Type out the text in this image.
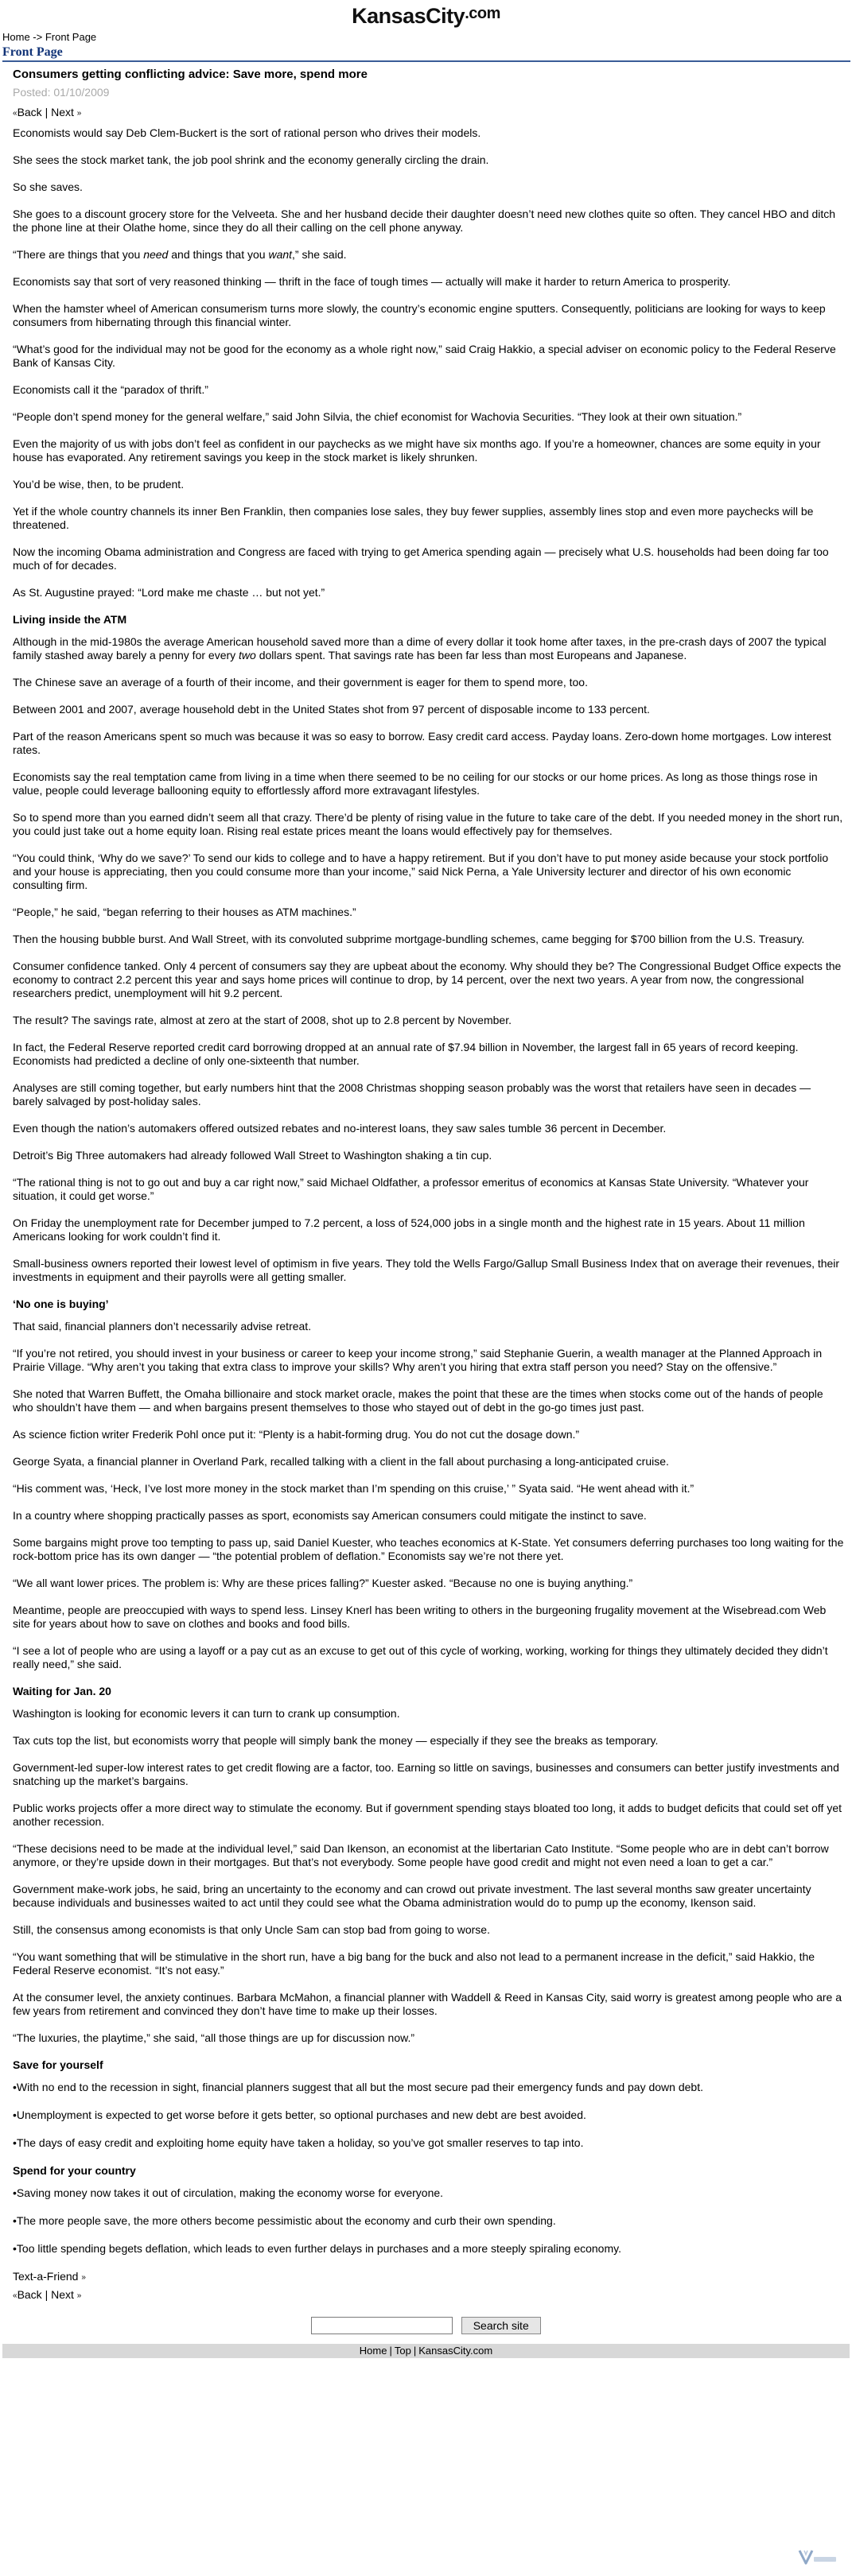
KansasCity$^{.com}$
Home -> Front Page
Front Page
Consumers getting conflicting advice: Save more, spend more
Posted: 01/10/2009
«Back | Next »

Economists would say Deb Clem-Buckert is the sort of rational person who drives their models.

She sees the stock market tank, the job pool shrink and the economy generally circling the drain.

So she saves.

She goes to a discount grocery store for the Velveeta. She and her husband decide their daughter doesn’t need new clothes quite so often. They cancel HBO and ditch the phone line at their Olathe home, since they do all their calling on the cell phone anyway.

“There are things that you need and things that you want,” she said.

Economists say that sort of very reasoned thinking — thrift in the face of tough times — actually will make it harder to return America to prosperity.

When the hamster wheel of American consumerism turns more slowly, the country’s economic engine sputters. Consequently, politicians are looking for ways to keep consumers from hibernating through this financial winter.

“What’s good for the individual may not be good for the economy as a whole right now,” said Craig Hakkio, a special adviser on economic policy to the Federal Reserve Bank of Kansas City.

Economists call it the “paradox of thrift.”

“People don’t spend money for the general welfare,” said John Silvia, the chief economist for Wachovia Securities. “They look at their own situation.”

Even the majority of us with jobs don’t feel as confident in our paychecks as we might have six months ago. If you’re a homeowner, chances are some equity in your house has evaporated. Any retirement savings you keep in the stock market is likely shrunken.

You’d be wise, then, to be prudent.

Yet if the whole country channels its inner Ben Franklin, then companies lose sales, they buy fewer supplies, assembly lines stop and even more paychecks will be threatened.

Now the incoming Obama administration and Congress are faced with trying to get America spending again — precisely what U.S. households had been doing far too much of for decades.

As St. Augustine prayed: “Lord make me chaste … but not yet.”

Living inside the ATM

Although in the mid-1980s the average American household saved more than a dime of every dollar it took home after taxes, in the pre-crash days of 2007 the typical family stashed away barely a penny for every two dollars spent. That savings rate has been far less than most Europeans and Japanese.

The Chinese save an average of a fourth of their income, and their government is eager for them to spend more, too.

Between 2001 and 2007, average household debt in the United States shot from 97 percent of disposable income to 133 percent.

Part of the reason Americans spent so much was because it was so easy to borrow. Easy credit card access. Payday loans. Zero-down home mortgages. Low interest rates.

Economists say the real temptation came from living in a time when there seemed to be no ceiling for our stocks or our home prices. As long as those things rose in value, people could leverage ballooning equity to effortlessly afford more extravagant lifestyles.

So to spend more than you earned didn’t seem all that crazy. There’d be plenty of rising value in the future to take care of the debt. If you needed money in the short run, you could just take out a home equity loan. Rising real estate prices meant the loans would effectively pay for themselves.

“You could think, ‘Why do we save?’ To send our kids to college and to have a happy retirement. But if you don’t have to put money aside because your stock portfolio and your house is appreciating, then you could consume more than your income,” said Nick Perna, a Yale University lecturer and director of his own economic consulting firm.

“People,” he said, “began referring to their houses as ATM machines.”

Then the housing bubble burst. And Wall Street, with its convoluted subprime mortgage-bundling schemes, came begging for $700 billion from the U.S. Treasury.

Consumer confidence tanked. Only 4 percent of consumers say they are upbeat about the economy. Why should they be? The Congressional Budget Office expects the economy to contract 2.2 percent this year and says home prices will continue to drop, by 14 percent, over the next two years. A year from now, the congressional researchers predict, unemployment will hit 9.2 percent.

The result? The savings rate, almost at zero at the start of 2008, shot up to 2.8 percent by November.

In fact, the Federal Reserve reported credit card borrowing dropped at an annual rate of $7.94 billion in November, the largest fall in 65 years of record keeping. Economists had predicted a decline of only one-sixteenth that number.

Analyses are still coming together, but early numbers hint that the 2008 Christmas shopping season probably was the worst that retailers have seen in decades — barely salvaged by post-holiday sales.

Even though the nation’s automakers offered outsized rebates and no-interest loans, they saw sales tumble 36 percent in December.

Detroit’s Big Three automakers had already followed Wall Street to Washington shaking a tin cup.

“The rational thing is not to go out and buy a car right now,” said Michael Oldfather, a professor emeritus of economics at Kansas State University. “Whatever your situation, it could get worse.”

On Friday the unemployment rate for December jumped to 7.2 percent, a loss of 524,000 jobs in a single month and the highest rate in 15 years. About 11 million Americans looking for work couldn’t find it.

Small-business owners reported their lowest level of optimism in five years. They told the Wells Fargo/Gallup Small Business Index that on average their revenues, their investments in equipment and their payrolls were all getting smaller.

‘No one is buying’

That said, financial planners don’t necessarily advise retreat.

“If you’re not retired, you should invest in your business or career to keep your income strong,” said Stephanie Guerin, a wealth manager at the Planned Approach in Prairie Village. “Why aren’t you taking that extra class to improve your skills? Why aren’t you hiring that extra staff person you need? Stay on the offensive.”

She noted that Warren Buffett, the Omaha billionaire and stock market oracle, makes the point that these are the times when stocks come out of the hands of people who shouldn’t have them — and when bargains present themselves to those who stayed out of debt in the go-go times just past.

As science fiction writer Frederik Pohl once put it: “Plenty is a habit-forming drug. You do not cut the dosage down.”

George Syata, a financial planner in Overland Park, recalled talking with a client in the fall about purchasing a long-anticipated cruise.

“His comment was, ‘Heck, I’ve lost more money in the stock market than I’m spending on this cruise,’ ” Syata said. “He went ahead with it.”

In a country where shopping practically passes as sport, economists say American consumers could mitigate the instinct to save.

Some bargains might prove too tempting to pass up, said Daniel Kuester, who teaches economics at K-State. Yet consumers deferring purchases too long waiting for the rock-bottom price has its own danger — “the potential problem of deflation.” Economists say we’re not there yet.

“We all want lower prices. The problem is: Why are these prices falling?” Kuester asked. “Because no one is buying anything.”

Meantime, people are preoccupied with ways to spend less. Linsey Knerl has been writing to others in the burgeoning frugality movement at the Wisebread.com Web site for years about how to save on clothes and books and food bills.

“I see a lot of people who are using a layoff or a pay cut as an excuse to get out of this cycle of working, working, working for things they ultimately decided they didn’t really need,” she said.

Waiting for Jan. 20

Washington is looking for economic levers it can turn to crank up consumption.

Tax cuts top the list, but economists worry that people will simply bank the money — especially if they see the breaks as temporary.

Government-led super-low interest rates to get credit flowing are a factor, too. Earning so little on savings, businesses and consumers can better justify investments and snatching up the market’s bargains.

Public works projects offer a more direct way to stimulate the economy. But if government spending stays bloated too long, it adds to budget deficits that could set off yet another recession.

“These decisions need to be made at the individual level,” said Dan Ikenson, an economist at the libertarian Cato Institute. “Some people who are in debt can’t borrow anymore, or they’re upside down in their mortgages. But that’s not everybody. Some people have good credit and might not even need a loan to get a car.”

Government make-work jobs, he said, bring an uncertainty to the economy and can crowd out private investment. The last several months saw greater uncertainty because individuals and businesses waited to act until they could see what the Obama administration would do to pump up the economy, Ikenson said.

Still, the consensus among economists is that only Uncle Sam can stop bad from going to worse.

“You want something that will be stimulative in the short run, have a big bang for the buck and also not lead to a permanent increase in the deficit,” said Hakkio, the Federal Reserve economist. “It’s not easy.”

At the consumer level, the anxiety continues. Barbara McMahon, a financial planner with Waddell & Reed in Kansas City, said worry is greatest among people who are a few years from retirement and convinced they don’t have time to make up their losses.

“The luxuries, the playtime,” she said, “all those things are up for discussion now.”

Save for yourself

•With no end to the recession in sight, financial planners suggest that all but the most secure pad their emergency funds and pay down debt.

•Unemployment is expected to get worse before it gets better, so optional purchases and new debt are best avoided.

•The days of easy credit and exploiting home equity have taken a holiday, so you’ve got smaller reserves to tap into.

Spend for your country

•Saving money now takes it out of circulation, making the economy worse for everyone.

•The more people save, the more others become pessimistic about the economy and curb their own spending.

•Too little spending begets deflation, which leads to even further delays in purchases and a more steeply spiraling economy.

Text-a-Friend »
«Back | Next »
Search site
Home | Top | KansasCity.com
